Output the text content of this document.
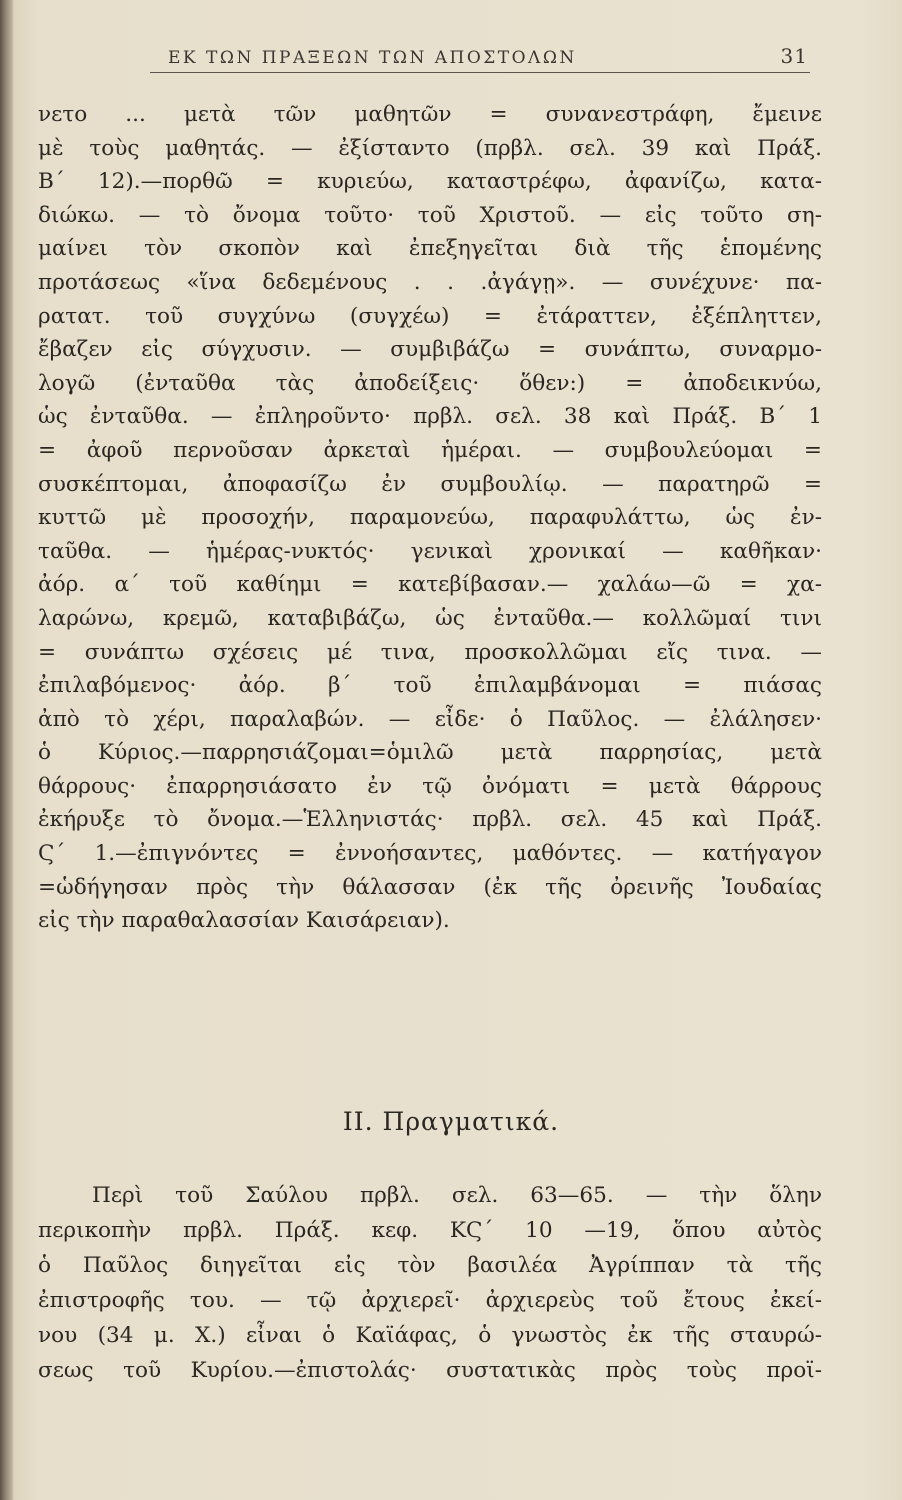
ΕΚ ΤΩΝ ΠΡΑΞΕΩΝ ΤΩΝ ΑΠΟΣΤΟΛΩΝ	31
νετο ... μετὰ τῶν μαθητῶν = συνανεστράφη, ἔμεινε
μὲ τοὺς μαθητάς. — ἐξίσταντο (πρβλ. σελ. 39 καὶ Πράξ.
Β΄ 12).—πορθῶ = κυριεύω, καταστρέφω, ἀφανίζω, κατα-
διώκω. — τὸ ὄνομα τοῦτο· τοῦ Χριστοῦ. — εἰς τοῦτο ση-
μαίνει τὸν σκοπὸν καὶ ἐπεξηγεῖται διὰ τῆς ἑπομένης
προτάσεως «ἵνα δεδεμένους . . .ἀγάγῃ». — συνέχυνε· πα-
ρατατ. τοῦ συγχύνω (συγχέω) = ἐτάραττεν, ἐξέπληττεν,
ἔβαζεν εἰς σύγχυσιν. — συμβιβάζω = συνάπτω, συναρμο-
λογῶ (ἐνταῦθα τὰς ἀποδείξεις· ὅθεν:) = ἀποδεικνύω,
ὡς ἐνταῦθα. — ἐπληροῦντο· πρβλ. σελ. 38 καὶ Πράξ. Β΄ 1
= ἀφοῦ περνοῦσαν ἀρκεταὶ ἡμέραι. — συμβουλεύομαι =
συσκέπτομαι, ἀποφασίζω ἐν συμβουλίῳ. — παρατηρῶ =
κυττῶ μὲ προσοχήν, παραμονεύω, παραφυλάττω, ὡς ἐν-
ταῦθα. — ἡμέρας-νυκτός· γενικαὶ χρονικαί — καθῆκαν·
ἀόρ. α΄ τοῦ καθίημι = κατεβίβασαν.— χαλάω—ῶ = χα-
λαρώνω, κρεμῶ, καταβιβάζω, ὡς ἐνταῦθα.— κολλῶμαί τινι
= συνάπτω σχέσεις μέ τινα, προσκολλῶμαι εἴς τινα. —
ἐπιλαβόμενος· ἀόρ. β΄ τοῦ ἐπιλαμβάνομαι = πιάσας
ἀπὸ τὸ χέρι, παραλαβών. — εἶδε· ὁ Παῦλος. — ἐλάλησεν·
ὁ Κύριος.—παρρησιάζομαι=ὁμιλῶ μετὰ παρρησίας, μετὰ
θάρρους· ἐπαρρησιάσατο ἐν τῷ ὀνόματι = μετὰ θάρρους
ἐκήρυξε τὸ ὄνομα.—Ἑλληνιστάς· πρβλ. σελ. 45 καὶ Πράξ.
Ϛ΄ 1.—ἐπιγνόντες = ἐννοήσαντες, μαθόντες. — κατήγαγον
=ὡδήγησαν πρὸς τὴν θάλασσαν (ἐκ τῆς ὀρεινῆς Ἰουδαίας
εἰς τὴν παραθαλασσίαν Καισάρειαν).
II. Πραγματικά.
Περὶ τοῦ Σαύλου πρβλ. σελ. 63—65. — τὴν ὅλην
περικοπὴν πρβλ. Πράξ. κεφ. ΚϚ΄ 10 —19, ὅπου αὐτὸς
ὁ Παῦλος διηγεῖται εἰς τὸν βασιλέα Ἀγρίππαν τὰ τῆς
ἐπιστροφῆς του. — τῷ ἀρχιερεῖ· ἀρχιερεὺς τοῦ ἔτους ἐκεί-
νου (34 μ. Χ.) εἶναι ὁ Καϊάφας, ὁ γνωστὸς ἐκ τῆς σταυρώ-
σεως τοῦ Κυρίου.—ἐπιστολάς· συστατικὰς πρὸς τοὺς προϊ-
